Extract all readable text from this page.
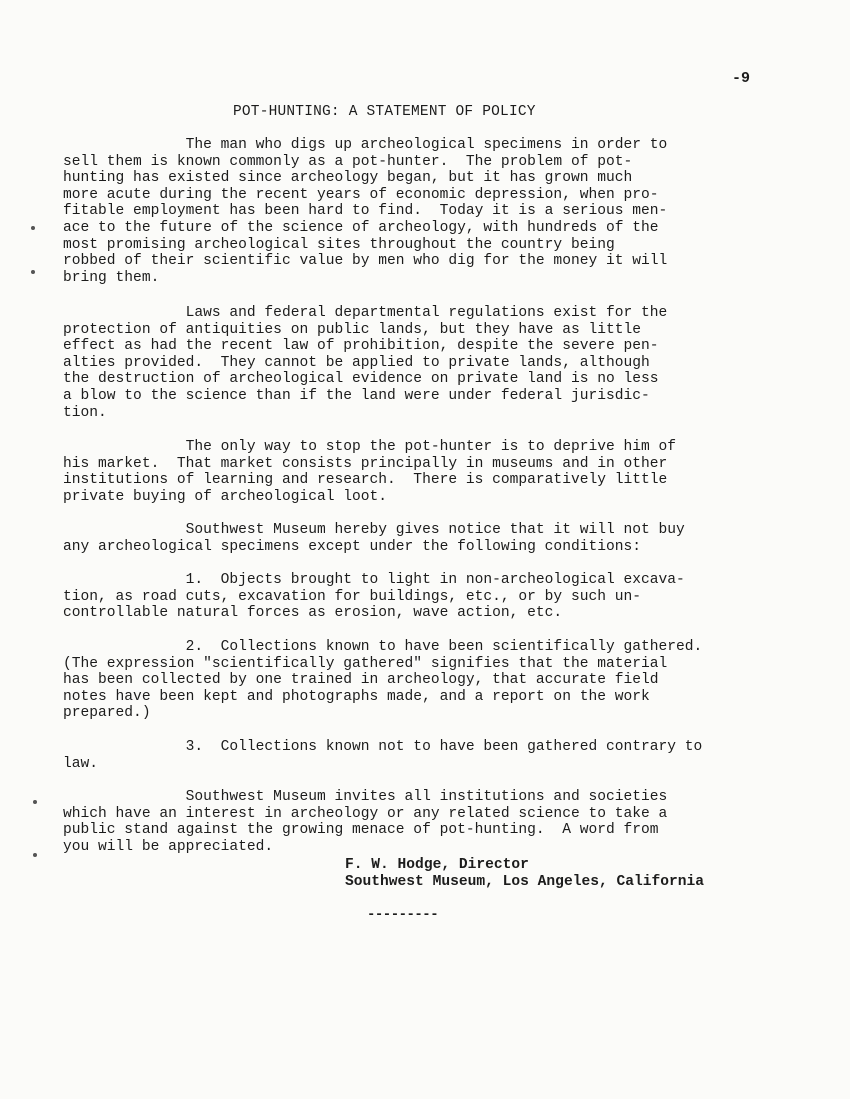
-9
POT-HUNTING: A STATEMENT OF POLICY
The man who digs up archeological specimens in order to
sell them is known commonly as a pot-hunter.  The problem of pot-
hunting has existed since archeology began, but it has grown much
more acute during the recent years of economic depression, when pro-
fitable employment has been hard to find.  Today it is a serious men-
ace to the future of the science of archeology, with hundreds of the
most promising archeological sites throughout the country being
robbed of their scientific value by men who dig for the money it will
bring them.
Laws and federal departmental regulations exist for the
protection of antiquities on public lands, but they have as little
effect as had the recent law of prohibition, despite the severe pen-
alties provided.  They cannot be applied to private lands, although
the destruction of archeological evidence on private land is no less
a blow to the science than if the land were under federal jurisdic-
tion.
The only way to stop the pot-hunter is to deprive him of
his market.  That market consists principally in museums and in other
institutions of learning and research.  There is comparatively little
private buying of archeological loot.
Southwest Museum hereby gives notice that it will not buy
any archeological specimens except under the following conditions:
1.  Objects brought to light in non-archeological excava-
tion, as road cuts, excavation for buildings, etc., or by such un-
controllable natural forces as erosion, wave action, etc.
2.  Collections known to have been scientifically gathered.
(The expression "scientifically gathered" signifies that the material
has been collected by one trained in archeology, that accurate field
notes have been kept and photographs made, and a report on the work
prepared.)
3.  Collections known not to have been gathered contrary to
law.
Southwest Museum invites all institutions and societies
which have an interest in archeology or any related science to take a
public stand against the growing menace of pot-hunting.  A word from
you will be appreciated.
F. W. Hodge, Director
Southwest Museum, Los Angeles, California
---------
